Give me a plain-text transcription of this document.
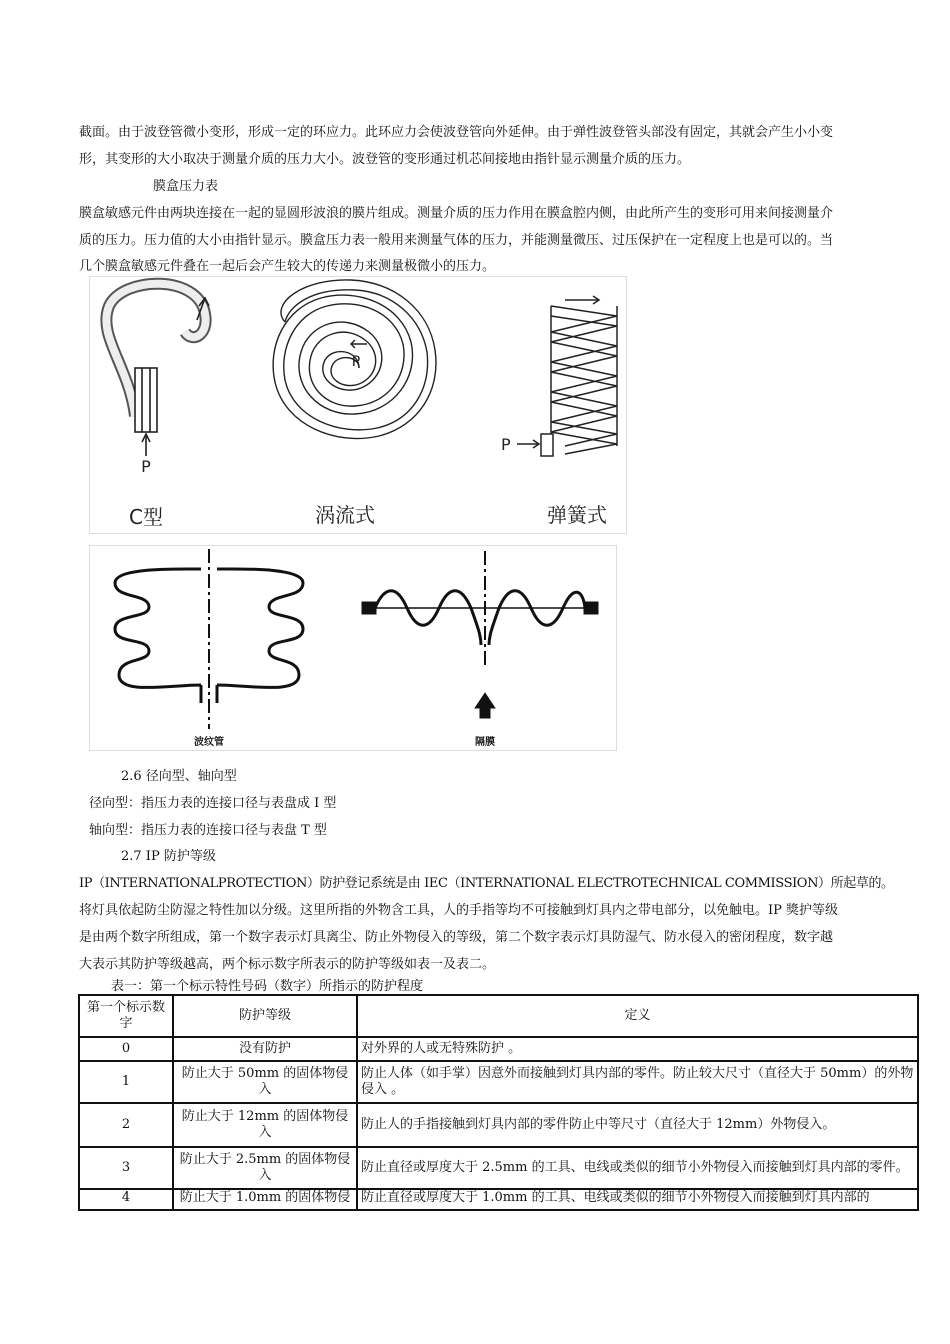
截面。由于波登管微小变形，形成一定的环应力。此环应力会使波登管向外延伸。由于弹性波登管头部没有固定，其就会产生小小变
形，其变形的大小取决于测量介质的压力大小。波登管的变形通过机芯间接地由指针显示测量介质的压力。
膜盒压力表
膜盒敏感元件由两块连接在一起的显圆形波浪的膜片组成。测量介质的压力作用在膜盒腔内侧，由此所产生的变形可用来间接测量介
质的压力。压力值的大小由指针显示。膜盒压力表一般用来测量气体的压力，并能测量微压、过压保护在一定程度上也是可以的。当
几个膜盒敏感元件叠在一起后会产生较大的传递力来测量极微小的压力。
P
C型
P
涡流式
P
弹簧式
波纹管	隔膜
2.6 径向型、轴向型
径向型：指压力表的连接口径与表盘成 I 型
轴向型：指压力表的连接口径与表盘 T 型
2.7 IP 防护等级
IP（INTERNATIONALPROTECTION）防护登记系统是由 IEC（INTERNATIONAL ELECTROTECHNICAL COMMISSION）所起草的。
将灯具依起防尘防湿之特性加以分级。这里所指的外物含工具，人的手指等均不可接触到灯具内之带电部分，以免触电。IP 獎护等级
是由两个数字所组成，第一个数字表示灯具离尘、防止外物侵入的等级，第二个数字表示灯具防湿气、防水侵入的密闭程度，数字越
大表示其防护等级越高，两个标示数字所表示的防护等级如表一及表二。
表一：第一个标示特性号码（数字）所指示的防护程度
第一个标示数字	防护等级	定义
0	没有防护	对外界的人或无特殊防护 。
1	防止大于 50mm 的固体物侵入	防止人体（如手掌）因意外而接触到灯具内部的零件。防止较大尺寸（直径大于 50mm）的外物侵入 。
2	防止大于 12mm 的固体物侵入	防止人的手指接触到灯具内部的零件防止中等尺寸（直径大于 12mm）外物侵入。
3	防止大于 2.5mm 的固体物侵入	防止直径或厚度大于 2.5mm 的工具、电线或类似的细节小外物侵入而接触到灯具内部的零件。
4	防止大于 1.0mm 的固体物侵	防止直径或厚度大于 1.0mm 的工具、电线或类似的细节小外物侵入而接触到灯具内部的
